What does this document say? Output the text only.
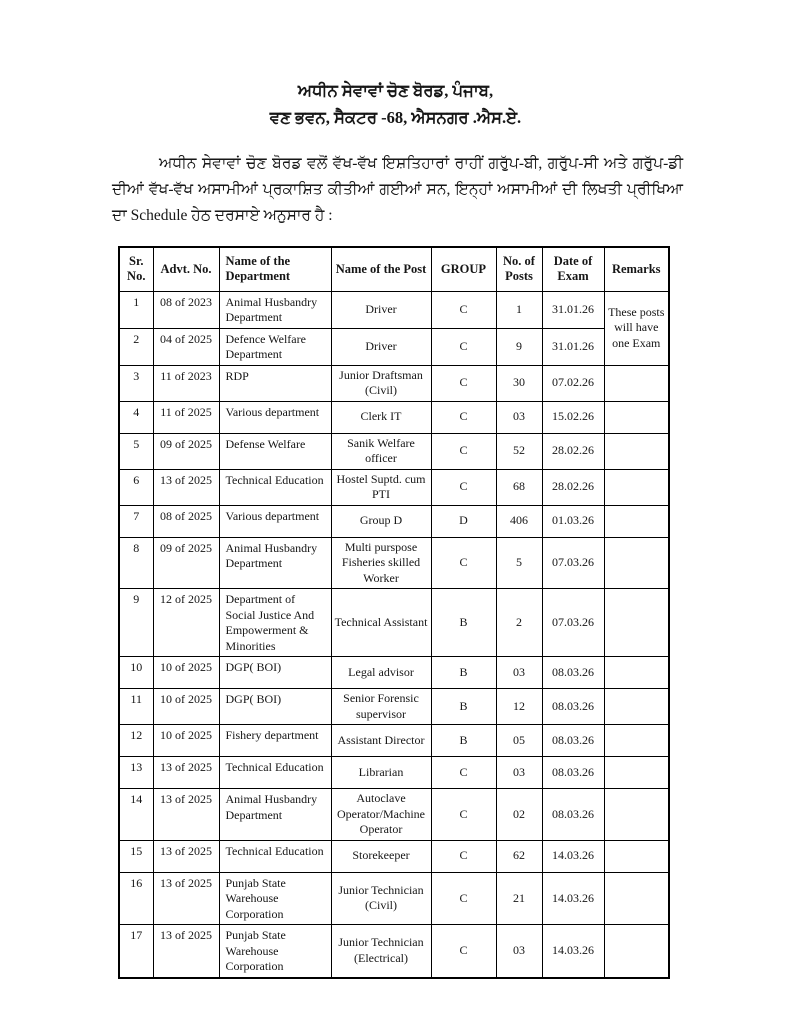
ਅਧੀਨ ਸੇਵਾਵਾਂ ਚੋਣ ਬੋਰਡ, ਪੰਜਾਬ,
ਵਣ ਭਵਨ, ਸੈਕਟਰ -68, ਐਸਨਗਰ .ਐਸ.ਏ.

ਅਧੀਨ ਸੇਵਾਵਾਂ ਚੋਣ ਬੋਰਡ ਵਲੋਂ ਵੱਖ-ਵੱਖ ਇਸ਼ਤਿਹਾਰਾਂ ਰਾਹੀਂ ਗਰੁੱਪ-ਬੀ, ਗਰੁੱਪ-ਸੀ ਅਤੇ ਗਰੁੱਪ-ਡੀ ਦੀਆਂ ਵੱਖ-ਵੱਖ ਅਸਾਮੀਆਂ ਪ੍ਰਕਾਸ਼ਿਤ ਕੀਤੀਆਂ ਗਈਆਂ ਸਨ, ਇਨ੍ਹਾਂ ਅਸਾਮੀਆਂ ਦੀ ਲਿਖਤੀ ਪ੍ਰੀਖਿਆ ਦਾ Schedule ਹੇਠ ਦਰਸਾਏ ਅਨੁਸਾਰ ਹੈ :

Sr. No.	Advt. No.	Name of the Department	Name of the Post	GROUP	No. of Posts	Date of Exam	Remarks
1	08 of 2023	Animal Husbandry Department	Driver	C	1	31.01.26	These posts will have one Exam
2	04 of 2025	Defence Welfare Department	Driver	C	9	31.01.26	
3	11 of 2023	RDP	Junior Draftsman (Civil)	C	30	07.02.26	
4	11 of 2025	Various department	Clerk IT	C	03	15.02.26	
5	09 of 2025	Defense Welfare	Sanik Welfare officer	C	52	28.02.26	
6	13 of 2025	Technical Education	Hostel Suptd. cum PTI	C	68	28.02.26	
7	08 of 2025	Various department	Group D	D	406	01.03.26	
8	09 of 2025	Animal Husbandry Department	Multi purspose Fisheries skilled Worker	C	5	07.03.26	
9	12 of 2025	Department of Social Justice And Empowerment & Minorities	Technical Assistant	B	2	07.03.26	
10	10 of 2025	DGP( BOI)	Legal advisor	B	03	08.03.26	
11	10 of 2025	DGP( BOI)	Senior Forensic supervisor	B	12	08.03.26	
12	10 of 2025	Fishery department	Assistant Director	B	05	08.03.26	
13	13 of 2025	Technical Education	Librarian	C	03	08.03.26	
14	13 of 2025	Animal Husbandry Department	Autoclave Operator/Machine Operator	C	02	08.03.26	
15	13 of 2025	Technical Education	Storekeeper	C	62	14.03.26	
16	13 of 2025	Punjab State Warehouse Corporation	Junior Technician (Civil)	C	21	14.03.26	
17	13 of 2025	Punjab State Warehouse Corporation	Junior Technician (Electrical)	C	03	14.03.26	
